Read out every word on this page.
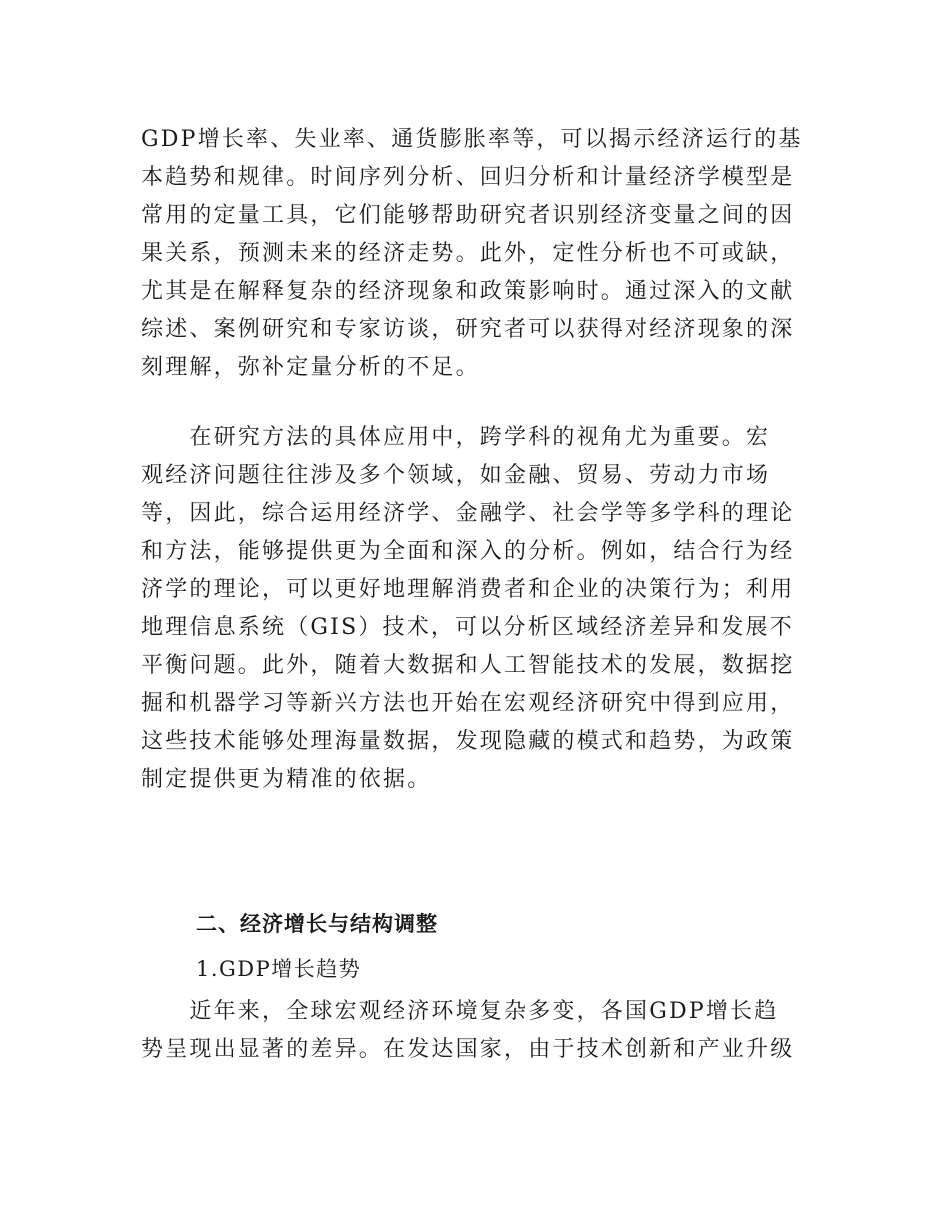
GDP增长率、失业率、通货膨胀率等，可以揭示经济运行的基
本趋势和规律。时间序列分析、回归分析和计量经济学模型是
常用的定量工具，它们能够帮助研究者识别经济变量之间的因
果关系，预测未来的经济走势。此外，定性分析也不可或缺，
尤其是在解释复杂的经济现象和政策影响时。通过深入的文献
综述、案例研究和专家访谈，研究者可以获得对经济现象的深
刻理解，弥补定量分析的不足。
　　在研究方法的具体应用中，跨学科的视角尤为重要。宏
观经济问题往往涉及多个领域，如金融、贸易、劳动力市场
等，因此，综合运用经济学、金融学、社会学等多学科的理论
和方法，能够提供更为全面和深入的分析。例如，结合行为经
济学的理论，可以更好地理解消费者和企业的决策行为；利用
地理信息系统（GIS）技术，可以分析区域经济差异和发展不
平衡问题。此外，随着大数据和人工智能技术的发展，数据挖
掘和机器学习等新兴方法也开始在宏观经济研究中得到应用，
这些技术能够处理海量数据，发现隐藏的模式和趋势，为政策
制定提供更为精准的依据。
二、经济增长与结构调整
1.GDP增长趋势
　　近年来，全球宏观经济环境复杂多变，各国GDP增长趋
势呈现出显著的差异。在发达国家，由于技术创新和产业升级
